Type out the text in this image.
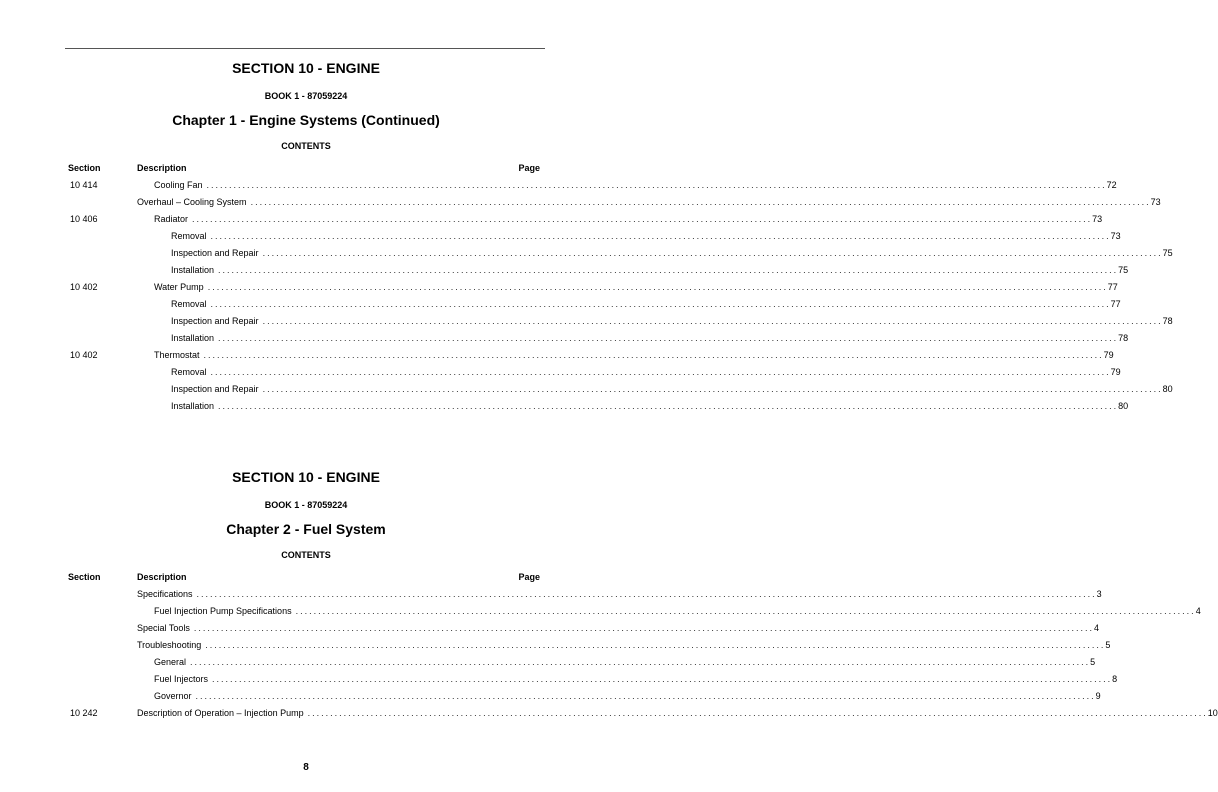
SECTION 10 - ENGINE
BOOK 1 - 87059224
Chapter 1 - Engine Systems (Continued)
CONTENTS
Section	Description	Page
10 414	Cooling Fan ........................................................................................................................................................................................................ 72
Overhaul – Cooling System ........................................................................................................................................................................................................ 73
10 406	Radiator ........................................................................................................................................................................................................ 73
Removal ........................................................................................................................................................................................................ 73
Inspection and Repair ........................................................................................................................................................................................................ 75
Installation ........................................................................................................................................................................................................ 75
10 402	Water Pump ........................................................................................................................................................................................................ 77
Removal ........................................................................................................................................................................................................ 77
Inspection and Repair ........................................................................................................................................................................................................ 78
Installation ........................................................................................................................................................................................................ 78
10 402	Thermostat ........................................................................................................................................................................................................ 79
Removal ........................................................................................................................................................................................................ 79
Inspection and Repair ........................................................................................................................................................................................................ 80
Installation ........................................................................................................................................................................................................ 80
SECTION 10 - ENGINE
BOOK 1 - 87059224
Chapter 2 - Fuel System
CONTENTS
Section	Description	Page
Specifications ........................................................................................................................................................................................................ 3
Fuel Injection Pump Specifications ........................................................................................................................................................................................................ 4
Special Tools ........................................................................................................................................................................................................ 4
Troubleshooting ........................................................................................................................................................................................................ 5
General ........................................................................................................................................................................................................ 5
Fuel Injectors ........................................................................................................................................................................................................ 8
Governor ........................................................................................................................................................................................................ 9
10 242	Description of Operation – Injection Pump ........................................................................................................................................................................................................ 10
8
